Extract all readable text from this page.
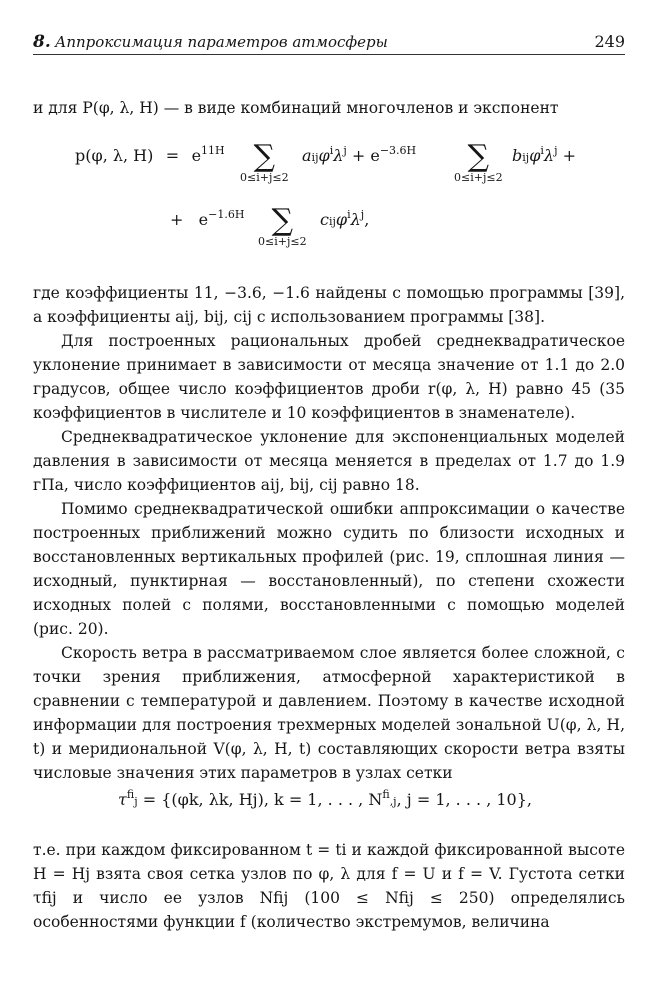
8. Аппроксимация параметров атмосферы	249

и для P(φ, λ, H) — в виде комбинаций многочленов и экспонент

p(φ, λ, $H) = e^{11H}$ ∑
0≤i+j≤2
$aij\varphi^i\lambda^j + e^{-3.6H}$	∑
0≤i+j≤2
$bij\varphi^i\lambda^j$ +
+ $e^{-1.6H}$ ∑
0≤i+j≤2
$cij\varphi^i\lambda^j$,

где коэффициенты 11, −3.6, −1.6 найдены с помощью программы [39], а коэффициенты aij, bij, cij с использованием программы [38].

Для построенных рациональных дробей среднеквадратическое уклонение принимает в зависимости от месяца значение от 1.1 до 2.0 градусов, общее число коэффициентов дроби r(φ, λ, H) равно 45 (35 коэффициентов в числителе и 10 коэффициентов в знаменателе).

Среднеквадратическое уклонение для экспоненциальных моделей давления в зависимости от месяца меняется в пределах от 1.7 до 1.9 гПа, число коэффициентов aij, bij, cij равно 18.

Помимо среднеквадратической ошибки аппроксимации о качестве построенных приближений можно судить по близости исходных и восстановленных вертикальных профилей (рис. 19, сплошная линия — исходный, пунктирная — восстановленный), по степени схожести исходных полей с полями, восстановленными с помощью моделей (рис. 20).

Скорость ветра в рассматриваемом слое является более сложной, с точки зрения приближения, атмосферной характеристикой в сравнении с температурой и давлением. Поэтому в качестве исходной информации для построения трехмерных моделей зональной U(φ, λ, H, t) и меридиональной V(φ, λ, H, t) составляющих скорости ветра взяты числовые значения этих параметров в узлах сетки

$\tau^fij = \{(\varphi k$, λk, Hj), k = 1, . . . , $N^fi,j$, j = 1, . . . , 10},

т.е. при каждом фиксированном t = ti и каждой фиксированной высоте H = Hj взята своя сетка узлов по φ, λ для f = U и f = V. Густота сетки τfij и число ее узлов Nfij (100 ≤ Nfij ≤ 250) определялись особенностями функции f (количество экстремумов, величина
